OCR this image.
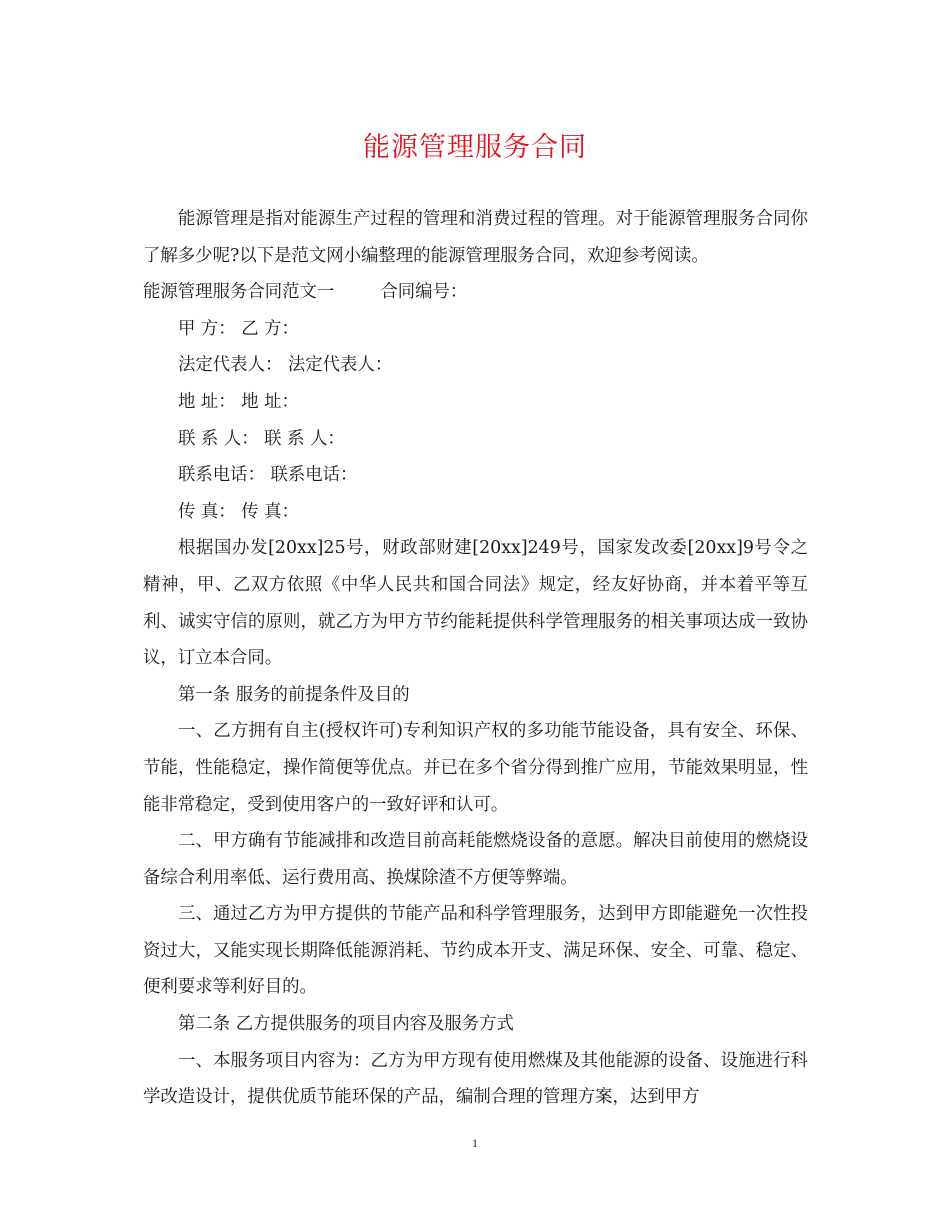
能源管理服务合同

能源管理是指对能源生产过程的管理和消费过程的管理。对于能源管理服务合同你了解多少呢?以下是范文网小编整理的能源管理服务合同，欢迎参考阅读。

能源管理服务合同范文一	合同编号：

甲 方： 乙 方：

法定代表人： 法定代表人：

地 址： 地 址：

联 系 人： 联 系 人：

联系电话： 联系电话：

传 真： 传 真：

根据国办发[20xx]25号，财政部财建[20xx]249号，国家发改委[20xx]9号令之精神，甲、乙双方依照《中华人民共和国合同法》规定，经友好协商，并本着平等互利、诚实守信的原则，就乙方为甲方节约能耗提供科学管理服务的相关事项达成一致协议，订立本合同。

第一条 服务的前提条件及目的

一、乙方拥有自主(授权许可)专利知识产权的多功能节能设备，具有安全、环保、节能，性能稳定，操作简便等优点。并已在多个省分得到推广应用，节能效果明显，性能非常稳定，受到使用客户的一致好评和认可。

二、甲方确有节能减排和改造目前高耗能燃烧设备的意愿。解决目前使用的燃烧设备综合利用率低、运行费用高、换煤除渣不方便等弊端。

三、通过乙方为甲方提供的节能产品和科学管理服务，达到甲方即能避免一次性投资过大，又能实现长期降低能源消耗、节约成本开支、满足环保、安全、可靠、稳定、便利要求等利好目的。

第二条 乙方提供服务的项目内容及服务方式

一、本服务项目内容为：乙方为甲方现有使用燃煤及其他能源的设备、设施进行科学改造设计，提供优质节能环保的产品，编制合理的管理方案，达到甲方

1
